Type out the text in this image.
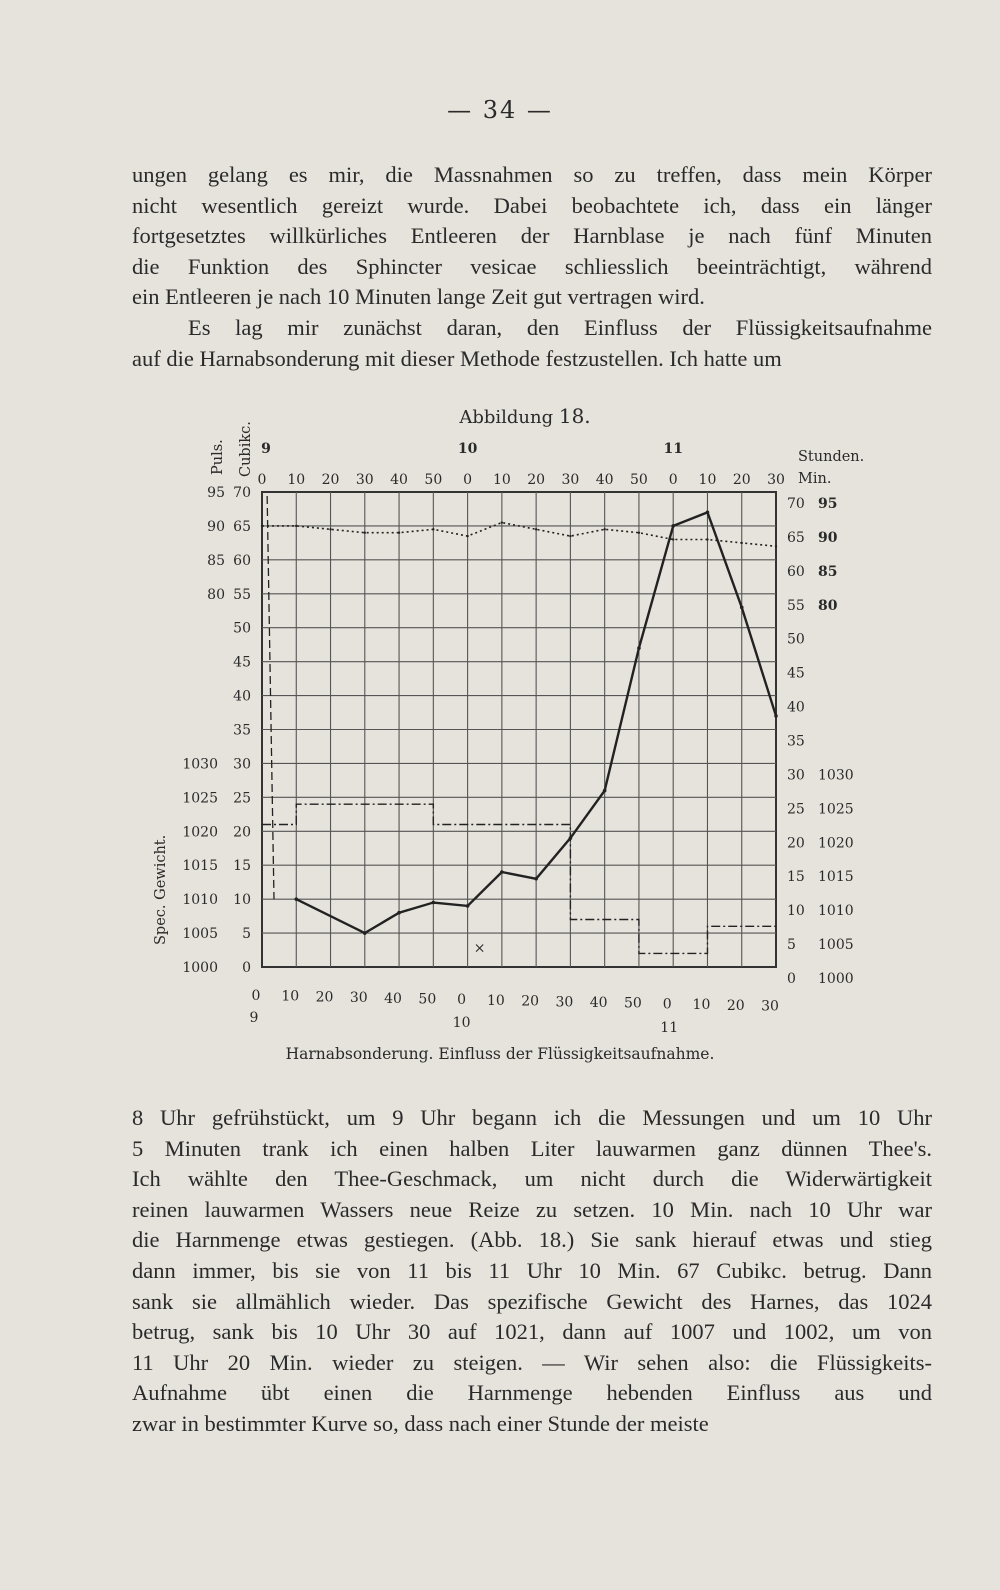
— 34 —
ungen gelang es mir, die Massnahmen so zu treffen, dass mein Körper
nicht wesentlich gereizt wurde. Dabei beobachtete ich, dass ein länger
fortgesetztes willkürliches Entleeren der Harnblase je nach fünf Minuten
die Funktion des Sphincter vesicae schliesslich beeinträchtigt, während
ein Entleeren je nach 10 Minuten lange Zeit gut vertragen wird.
Es lag mir zunächst daran, den Einfluss der Flüssigkeitsaufnahme
auf die Harnabsonderung mit dieser Methode festzustellen. Ich hatte um
Abbildung 18.
9	10	11
0
0
10
10
20
20
30
30
40
40
50
50
0
0
10
10
20
20
30
30
40
40
50
50
0
0
10
10
20
20
30
30
9	10	11
Stunden.
Min.
70
70
65
65
60
60
55
55
50
50
45
45
40
40
35
35
30
30
25
25
20
20
15
15
10
10
5
5
0
0
95
95
90
90
85
85
80
80
1030
1030
1025
1025
1020
1020
1015
1015
1010
1010
1005
1005
1000
1000
Puls. Cubikc.
Spec. Gewicht.
×
Harnabsonderung. Einfluss der Flüssigkeitsaufnahme.
8 Uhr gefrühstückt, um 9 Uhr begann ich die Messungen und um 10 Uhr
5 Minuten trank ich einen halben Liter lauwarmen ganz dünnen Thee's.
Ich wählte den Thee-Geschmack, um nicht durch die Widerwärtigkeit
reinen lauwarmen Wassers neue Reize zu setzen. 10 Min. nach 10 Uhr war
die Harnmenge etwas gestiegen. (Abb. 18.) Sie sank hierauf etwas und stieg
dann immer, bis sie von 11 bis 11 Uhr 10 Min. 67 Cubikc. betrug. Dann
sank sie allmählich wieder. Das spezifische Gewicht des Harnes, das 1024
betrug, sank bis 10 Uhr 30 auf 1021, dann auf 1007 und 1002, um von
11 Uhr 20 Min. wieder zu steigen. — Wir sehen also: die Flüssigkeits-
Aufnahme übt einen die Harnmenge hebenden Einfluss aus und
zwar in bestimmter Kurve so, dass nach einer Stunde der meiste
